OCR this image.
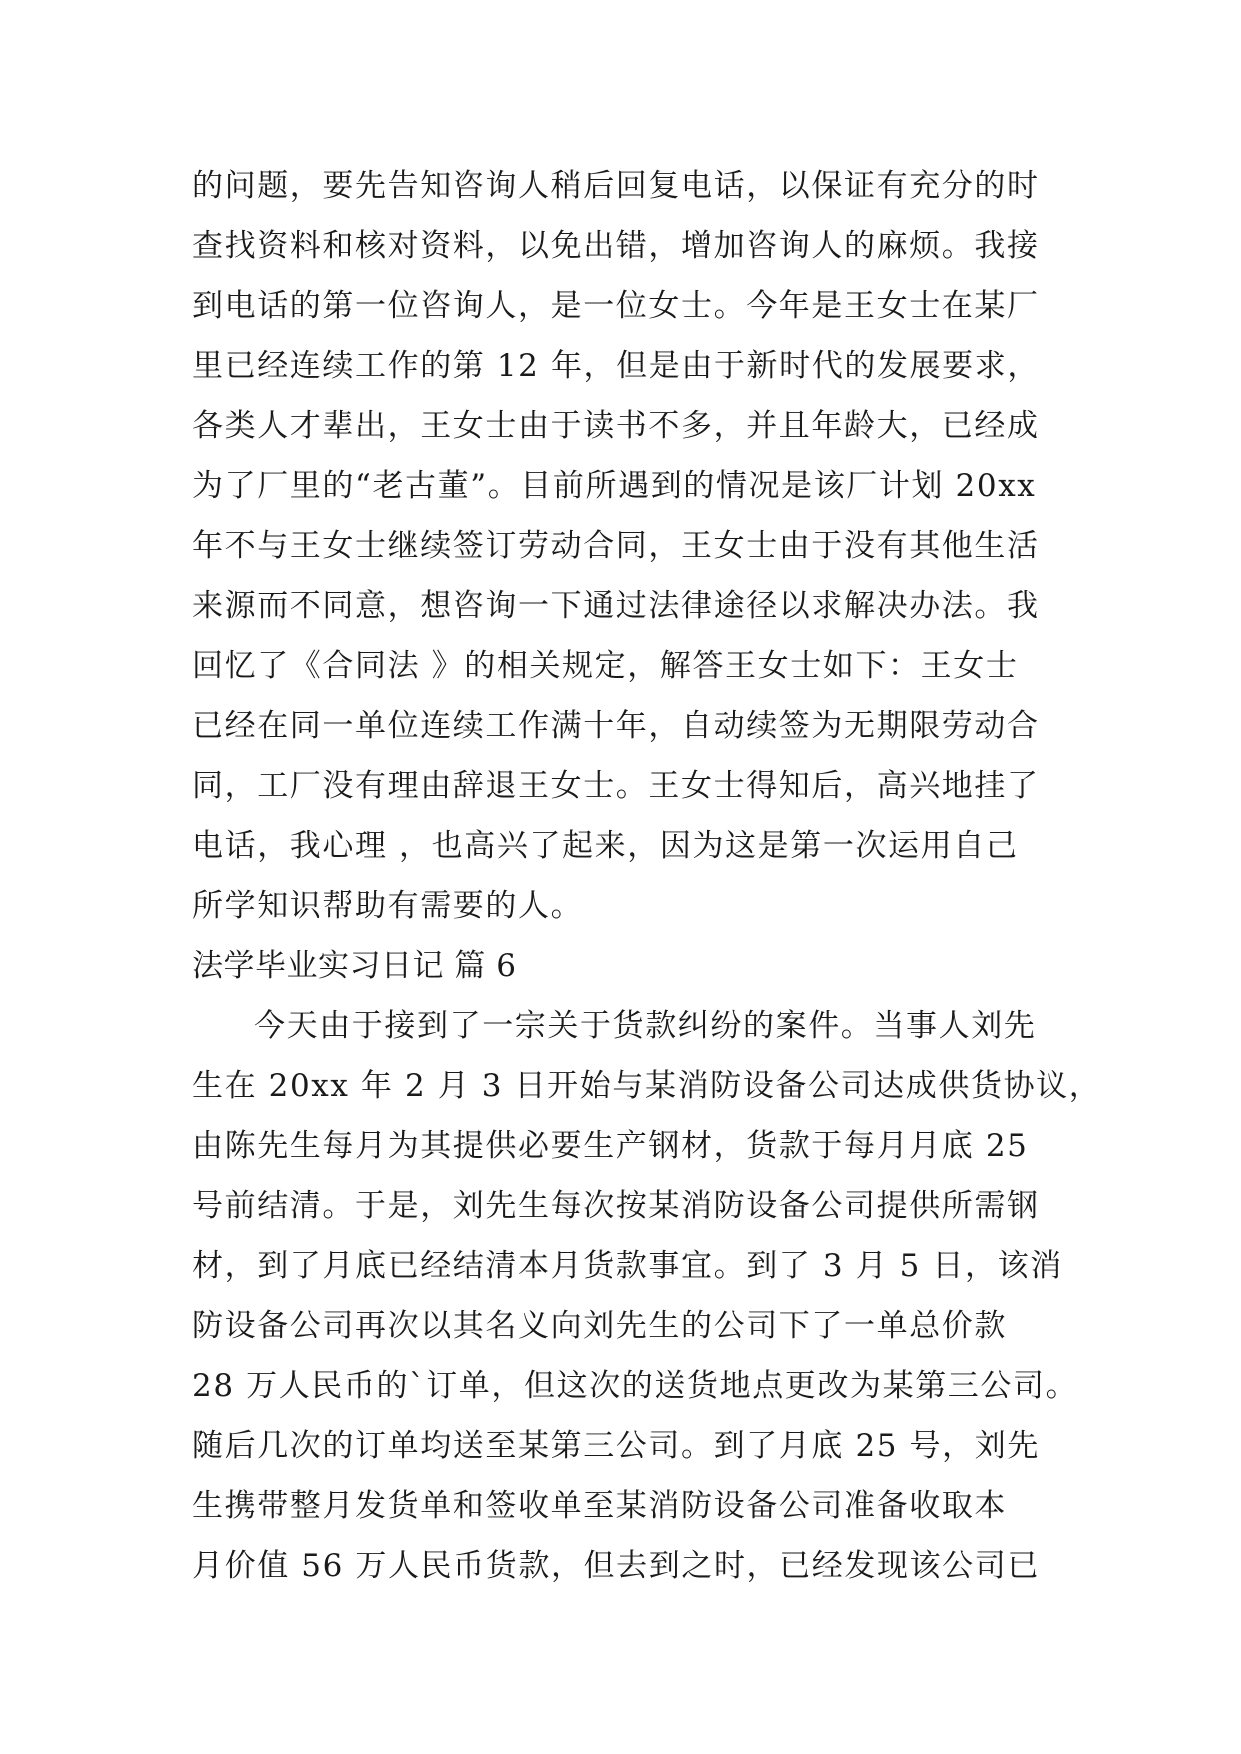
的问题，要先告知咨询人稍后回复电话，以保证有充分的时
查找资料和核对资料，以免出错，增加咨询人的麻烦。我接
到电话的第一位咨询人，是一位女士。今年是王女士在某厂
里已经连续工作的第 12 年，但是由于新时代的发展要求，
各类人才辈出，王女士由于读书不多，并且年龄大，已经成
为了厂里的“老古董”。目前所遇到的情况是该厂计划 20xx
年不与王女士继续签订劳动合同，王女士由于没有其他生活
来源而不同意，想咨询一下通过法律途径以求解决办法。我
回忆了《合同法 》的相关规定，解答王女士如下：王女士
已经在同一单位连续工作满十年，自动续签为无期限劳动合
同，工厂没有理由辞退王女士。王女士得知后，高兴地挂了
电话，我心理 ，也高兴了起来，因为这是第一次运用自己
所学知识帮助有需要的人。
法学毕业实习日记 篇 6
今天由于接到了一宗关于货款纠纷的案件。当事人刘先
生在 20xx 年 2 月 3 日开始与某消防设备公司达成供货协议，
由陈先生每月为其提供必要生产钢材，货款于每月月底 25
号前结清。于是，刘先生每次按某消防设备公司提供所需钢
材，到了月底已经结清本月货款事宜。到了 3 月 5 日，该消
防设备公司再次以其名义向刘先生的公司下了一单总价款
28 万人民币的`订单，但这次的送货地点更改为某第三公司。
随后几次的订单均送至某第三公司。到了月底 25 号，刘先
生携带整月发货单和签收单至某消防设备公司准备收取本
月价值 56 万人民币货款，但去到之时，已经发现该公司已
